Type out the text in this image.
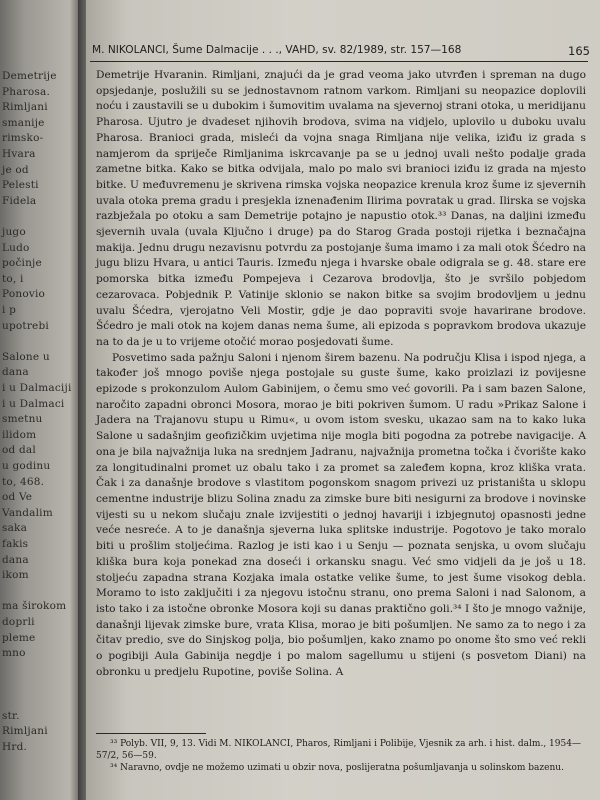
Demetrije
Pharosa.
Rimljani
smanije
rimsko-
Hvara
je od
Pelesti
Fidela
jugo
Ludo
počinje
to, i
Ponovio
i p
upotrebi
Salone u
dana
i u Dalmaciji
i u Dalmaci
smetnu
ilidom
od dal
u godinu
to, 468.
od Ve
Vandalim
saka
fakis
dana
ikom
ma širokom
doprli
pleme
mno
str.
Rimljani
Hrd.
M. NIKOLANCI, Šume Dalmacije . . ., VAHD, sv. 82/1989, str. 157—168	165

Demetrije Hvaranin. Rimljani, znajući da je grad veoma jako utvrđen i spreman na dugo opsjedanje, poslužili su se jednostavnom ratnom varkom. Rimljani su neopazice doplovili noću i zaustavili se u dubokim i šumovitim uvalama na sjevernoj strani otoka, u meridijanu Pharosa. Ujutro je dvadeset njihovih brodova, svima na vidjelo, uplovilo u duboku uvalu Pharosa. Branioci grada, misleći da vojna snaga Rimljana nije velika, iziđu iz grada s namjerom da spriječe Rimljanima iskrcavanje pa se u jednoj uvali nešto podalje grada zametne bitka. Kako se bitka odvijala, malo po malo svi branioci iziđu iz grada na mjesto bitke. U međuvremenu je skrivena rimska vojska neopazice krenula kroz šume iz sjevernih uvala otoka prema gradu i presjekla iznenađenim Ilirima povratak u grad. Ilirska se vojska razbježala po otoku a sam Demetrije potajno je napustio otok.³³ Danas, na daljini između sjevernih uvala (uvala Ključno i druge) pa do Starog Grada postoji rijetka i beznačajna makija. Jednu drugu nezavisnu potvrdu za postojanje šuma imamo i za mali otok Šćedro na jugu blizu Hvara, u antici Tauris. Između njega i hvarske obale odigrala se g. 48. stare ere pomorska bitka između Pompejeva i Cezarova brodovlja, što je svršilo pobjedom cezarovaca. Pobjednik P. Vatinije sklonio se nakon bitke sa svojim brodovljem u jednu uvalu Šćedra, vjerojatno Veli Mostir, gdje je dao popraviti svoje havarirane brodove. Šćedro je mali otok na kojem danas nema šume, ali epizoda s popravkom brodova ukazuje na to da je u to vrijeme otočić morao posjedovati šume.

Posvetimo sada pažnju Saloni i njenom širem bazenu. Na području Klisa i ispod njega, a također još mnogo poviše njega postojale su guste šume, kako proizlazi iz povijesne epizode s prokonzulom Aulom Gabinijem, o čemu smo već govorili. Pa i sam bazen Salone, naročito zapadni obronci Mosora, morao je biti pokriven šumom. U radu »Prikaz Salone i Jadera na Trajanovu stupu u Rimu«, u ovom istom svesku, ukazao sam na to kako luka Salone u sadašnjim geofizičkim uvjetima nije mogla biti pogodna za potrebe navigacije. A ona je bila najvažnija luka na srednjem Jadranu, najvažnija prometna točka i čvorište kako za longitudinalni promet uz obalu tako i za promet sa zaleđem kopna, kroz kliška vrata. Čak i za današnje brodove s vlastitom pogonskom snagom privezi uz pristaništa u sklopu cementne industrije blizu Solina znadu za zimske bure biti nesigurni za brodove i novinske vijesti su u nekom slučaju znale izvijestiti o jednoj havariji i izbjegnutoj opasnosti jedne veće nesreće. A to je današnja sjeverna luka splitske industrije. Pogotovo je tako moralo biti u prošlim stoljećima. Razlog je isti kao i u Senju — poznata senjska, u ovom slučaju kliška bura koja ponekad zna doseći i orkansku snagu. Već smo vidjeli da je još u 18. stoljeću zapadna strana Kozjaka imala ostatke velike šume, to jest šume visokog debla. Moramo to isto zaključiti i za njegovu istočnu stranu, ono prema Saloni i nad Salonom, a isto tako i za istočne obronke Mosora koji su danas praktično goli.³⁴ I što je mnogo važnije, današnji lijevak zimske bure, vrata Klisa, morao je biti pošumljen. Ne samo za to nego i za čitav predio, sve do Sinjskog polja, bio pošumljen, kako znamo po onome što smo već rekli o pogibiji Aula Gabinija negdje i po malom sagellumu u stijeni (s posvetom Diani) na obronku u predjelu Rupotine, poviše Solina. A

³³ Polyb. VII, 9, 13. Vidi M. NIKOLANCI, Pharos, Rimljani i Polibije, Vjesnik za arh. i hist. dalm., 1954—57/2, 56—59.
³⁴ Naravno, ovdje ne možemo uzimati u obzir nova, poslijeratna pošumljavanja u solinskom bazenu.
